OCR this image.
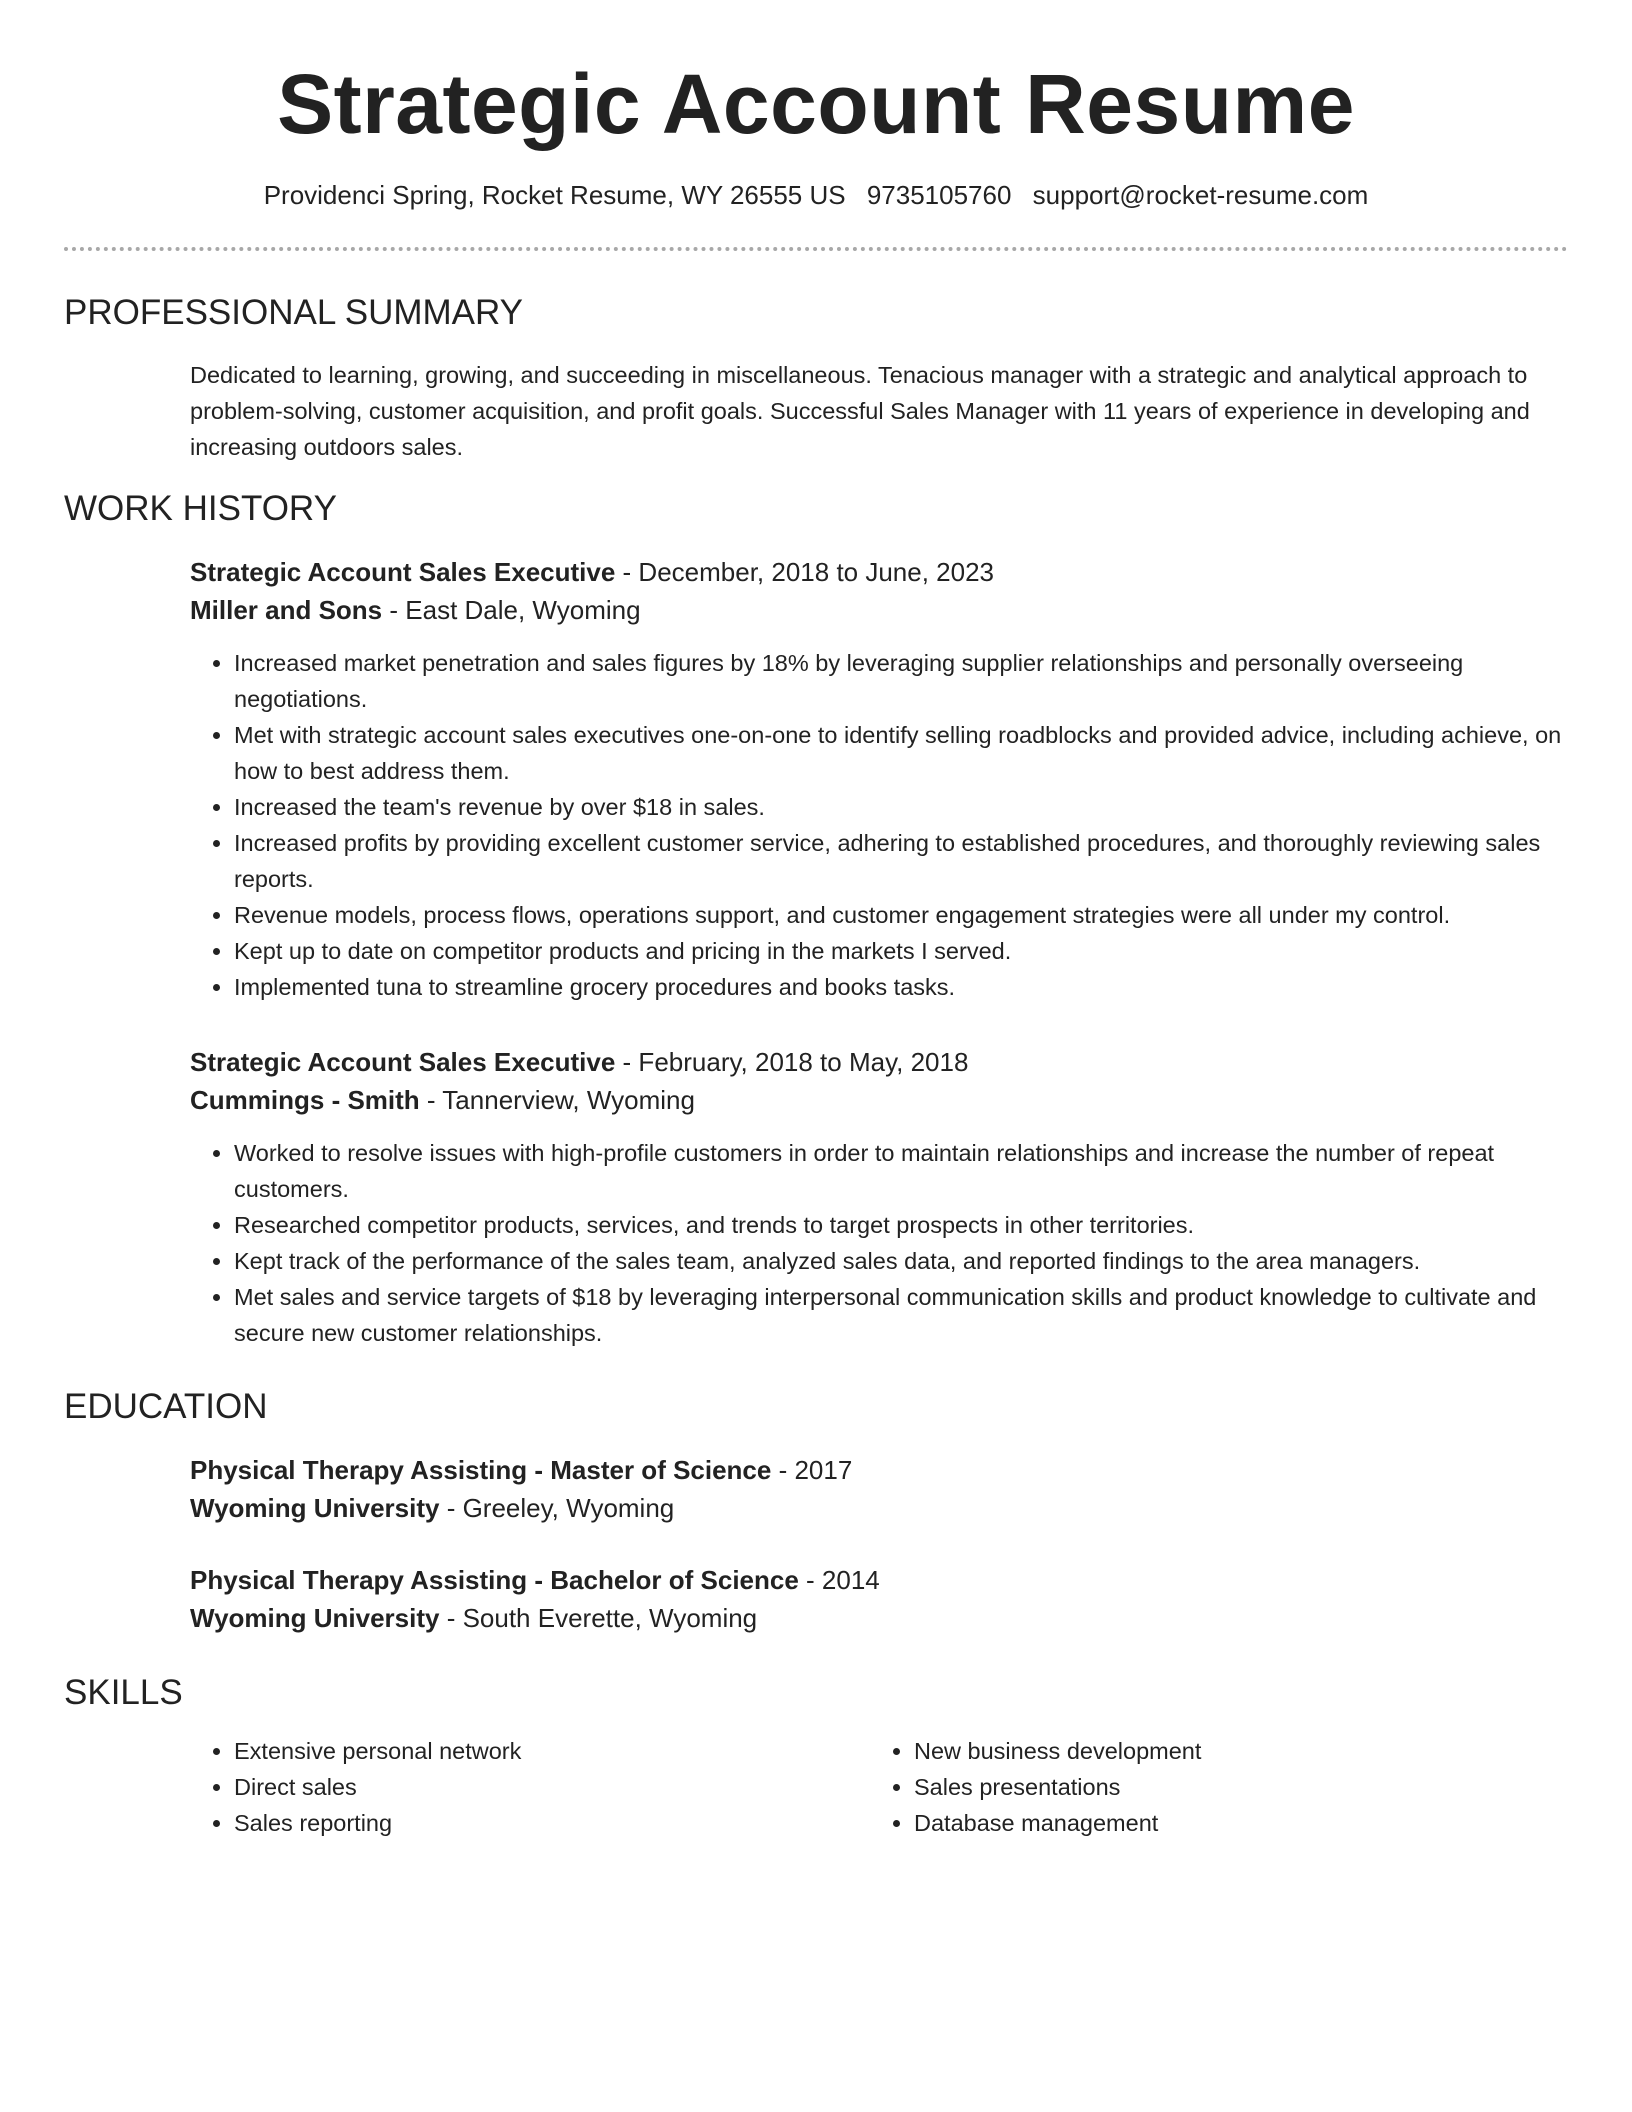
Strategic Account Resume
Providenci Spring, Rocket Resume, WY 26555 US 9735105760 support@rocket-resume.com
PROFESSIONAL SUMMARY
Dedicated to learning, growing, and succeeding in miscellaneous. Tenacious manager with a strategic and analytical approach to problem-solving, customer acquisition, and profit goals. Successful Sales Manager with 11 years of experience in developing and increasing outdoors sales.
WORK HISTORY
Strategic Account Sales Executive - December, 2018 to June, 2023
Miller and Sons - East Dale, Wyoming
• Increased market penetration and sales figures by 18% by leveraging supplier relationships and personally overseeing negotiations.
• Met with strategic account sales executives one-on-one to identify selling roadblocks and provided advice, including achieve, on how to best address them.
• Increased the team's revenue by over $18 in sales.
• Increased profits by providing excellent customer service, adhering to established procedures, and thoroughly reviewing sales reports.
• Revenue models, process flows, operations support, and customer engagement strategies were all under my control.
• Kept up to date on competitor products and pricing in the markets I served.
• Implemented tuna to streamline grocery procedures and books tasks.
Strategic Account Sales Executive - February, 2018 to May, 2018
Cummings - Smith - Tannerview, Wyoming
• Worked to resolve issues with high-profile customers in order to maintain relationships and increase the number of repeat customers.
• Researched competitor products, services, and trends to target prospects in other territories.
• Kept track of the performance of the sales team, analyzed sales data, and reported findings to the area managers.
• Met sales and service targets of $18 by leveraging interpersonal communication skills and product knowledge to cultivate and secure new customer relationships.
EDUCATION
Physical Therapy Assisting - Master of Science - 2017
Wyoming University - Greeley, Wyoming
Physical Therapy Assisting - Bachelor of Science - 2014
Wyoming University - South Everette, Wyoming
SKILLS
• Extensive personal network
• Direct sales
• Sales reporting
• New business development
• Sales presentations
• Database management
